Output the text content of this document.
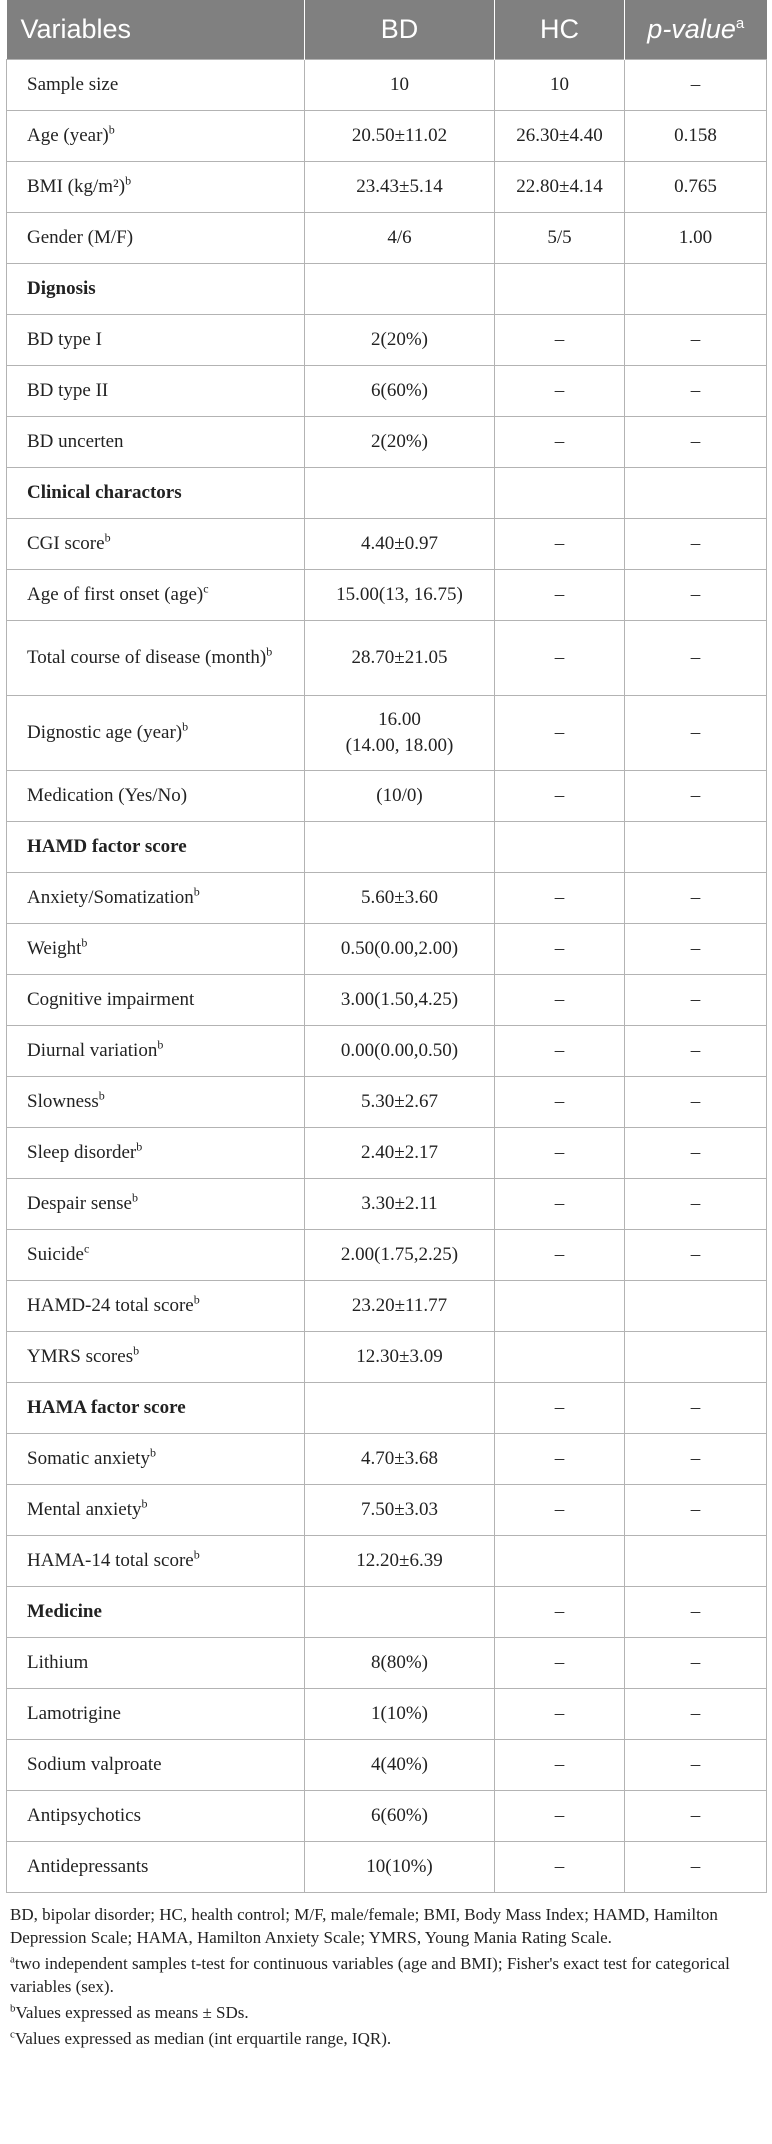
Variables	BD	HC	p-value$^a$
Sample size	10	10	–
Age (year)$^b$	20.50±11.02	26.30±4.40	0.158
BMI $(kg/m^2)^b$	23.43±5.14	22.80±4.14	0.765
Gender (M/F)	4/6	5/5	1.00
Dignosis			
BD type I	2(20%)	–	–
BD type II	6(60%)	–	–
BD uncerten	2(20%)	–	–
Clinical charactors			
CGI score$^b$	4.40±0.97	–	–
Age of first onset (age)$^c$	15.00(13, 16.75)	–	–
Total course of disease (month)$^b$	28.70±21.05	–	–
Dignostic age (year)$^b$	16.00
(14.00, 18.00)	–	–
Medication (Yes/No)	(10/0)	–	–
HAMD factor score			
Anxiety/Somatization$^b$	5.60±3.60	–	–
Weight$^b$	0.50(0.00,2.00)	–	–
Cognitive impairment	3.00(1.50,4.25)	–	–
Diurnal variation$^b$	0.00(0.00,0.50)	–	–
Slowness$^b$	5.30±2.67	–	–
Sleep disorder$^b$	2.40±2.17	–	–
Despair sense$^b$	3.30±2.11	–	–
Suicide$^c$	2.00(1.75,2.25)	–	–
HAMD-24 total score$^b$	23.20±11.77		
YMRS scores$^b$	12.30±3.09		
HAMA factor score		–	–
Somatic anxiety$^b$	4.70±3.68	–	–
Mental anxiety$^b$	7.50±3.03	–	–
HAMA-14 total score$^b$	12.20±6.39		
Medicine		–	–
Lithium	8(80%)	–	–
Lamotrigine	1(10%)	–	–
Sodium valproate	4(40%)	–	–
Antipsychotics	6(60%)	–	–
Antidepressants	10(10%)	–	–

BD, bipolar disorder; HC, health control; M/F, male/female; BMI, Body Mass Index; HAMD, Hamilton Depression Scale; HAMA, Hamilton Anxiety Scale; YMRS, Young Mania Rating Scale.

$^a$two independent samples t-test for continuous variables (age and BMI); Fisher's exact test for categorical variables (sex).

$^b$Values expressed as means ± SDs.

$^c$Values expressed as median (int erquartile range, IQR).
